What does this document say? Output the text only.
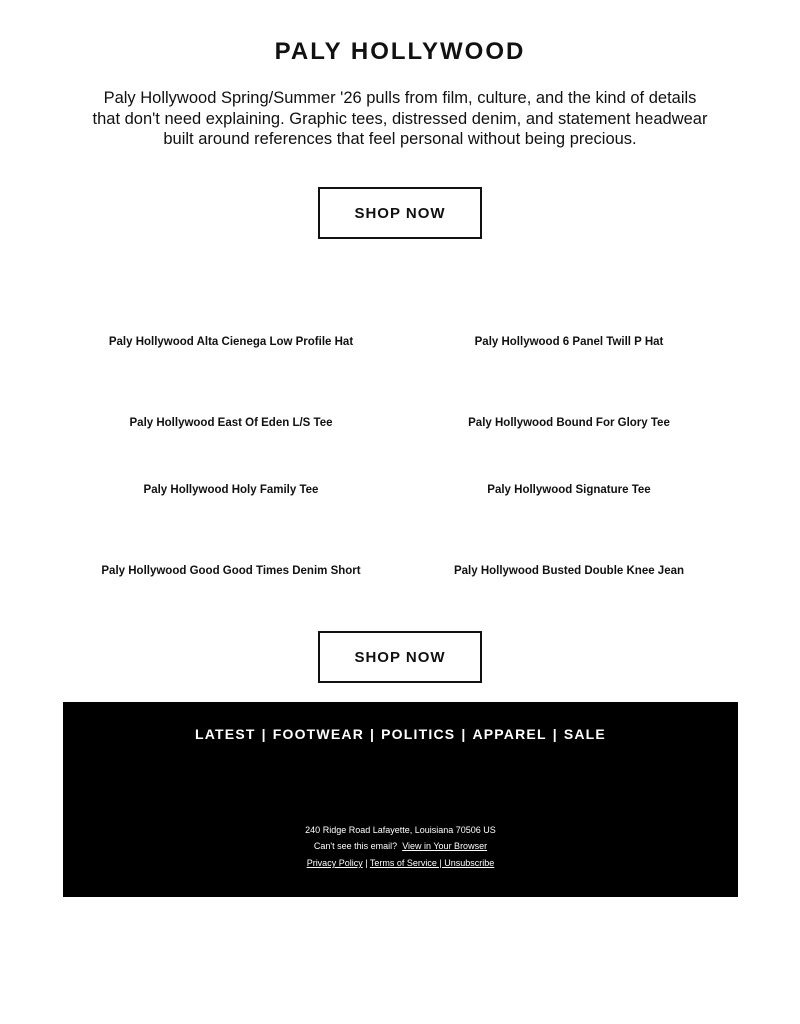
PALY HOLLYWOOD

Paly Hollywood Spring/Summer '26 pulls from film, culture, and the kind of details that don't need explaining. Graphic tees, distressed denim, and statement headwear built around references that feel personal without being precious.

SHOP NOW
Paly Hollywood Alta Cienega Low Profile Hat	Paly Hollywood 6 Panel Twill P Hat
Paly Hollywood East Of Eden L/S Tee	Paly Hollywood Bound For Glory Tee
Paly Hollywood Holy Family Tee	Paly Hollywood Signature Tee
Paly Hollywood Good Good Times Denim Short	Paly Hollywood Busted Double Knee Jean
SHOP NOW
LATEST | FOOTWEAR | POLITICS | APPAREL | SALE
240 Ridge Road Lafayette, Louisiana 70506 US
Can't see this email? View in Your Browser
Privacy Policy | Terms of Service | Unsubscribe
